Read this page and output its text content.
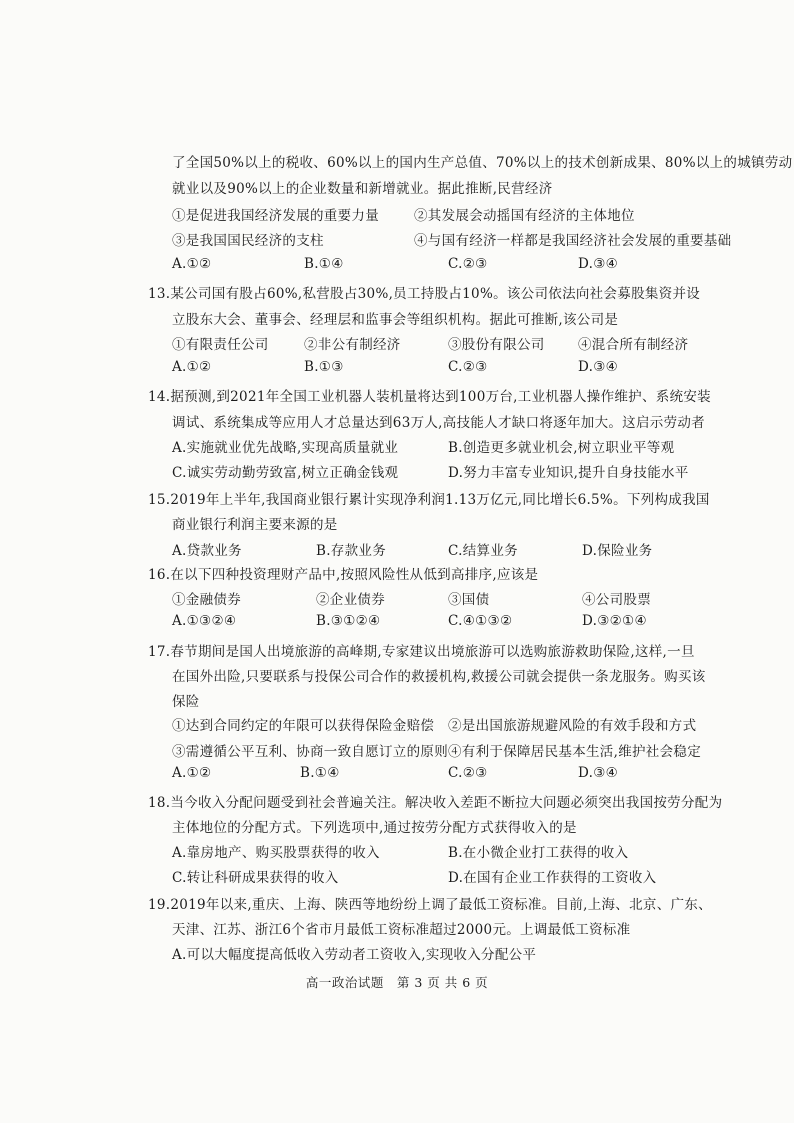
了全国50%以上的税收、60%以上的国内生产总值、70%以上的技术创新成果、80%以上的城镇劳动
就业以及90%以上的企业数量和新增就业。据此推断,民营经济
①是促进我国经济发展的重要力量	②其发展会动摇国有经济的主体地位
③是我国国民经济的支柱	④与国有经济一样都是我国经济社会发展的重要基础
A.①②	B.①④	C.②③	D.③④
13.某公司国有股占60%,私营股占30%,员工持股占10%。该公司依法向社会募股集资并设
立股东大会、董事会、经理层和监事会等组织机构。据此可推断,该公司是
①有限责任公司	②非公有制经济	③股份有限公司 ④混合所有制经济
A.①②	B.①③	C.②③	D.③④
14.据预测,到2021年全国工业机器人装机量将达到100万台,工业机器人操作维护、系统安装
调试、系统集成等应用人才总量达到63万人,高技能人才缺口将逐年加大。这启示劳动者
A.实施就业优先战略,实现高质量就业	B.创造更多就业机会,树立职业平等观
C.诚实劳动勤劳致富,树立正确金钱观	D.努力丰富专业知识,提升自身技能水平
15.2019年上半年,我国商业银行累计实现净利润1.13万亿元,同比增长6.5%。下列构成我国
商业银行利润主要来源的是
A.贷款业务	B.存款业务	C.结算业务	D.保险业务
16.在以下四种投资理财产品中,按照风险性从低到高排序,应该是
①金融债券	②企业债券	③国债	④公司股票
A.①③②④	B.③①②④	C.④①③②	D.③②①④
17.春节期间是国人出境旅游的高峰期,专家建议出境旅游可以选购旅游救助保险,这样,一旦
在国外出险,只要联系与投保公司合作的救援机构,救援公司就会提供一条龙服务。购买该
保险
①达到合同约定的年限可以获得保险金赔偿 ②是出国旅游规避风险的有效手段和方式
③需遵循公平互利、协商一致自愿订立的原则 ④有利于保障居民基本生活,维护社会稳定
A.①②	B.①④	C.②③	D.③④
18.当今收入分配问题受到社会普遍关注。解决收入差距不断拉大问题必须突出我国按劳分配为
主体地位的分配方式。下列选项中,通过按劳分配方式获得收入的是
A.靠房地产、购买股票获得的收入	B.在小微企业打工获得的收入
C.转让科研成果获得的收入	D.在国有企业工作获得的工资收入
19.2019年以来,重庆、上海、陕西等地纷纷上调了最低工资标准。目前,上海、北京、广东、
天津、江苏、浙江6个省市月最低工资标准超过2000元。上调最低工资标准
A.可以大幅度提高低收入劳动者工资收入,实现收入分配公平
高一政治试题　第 3 页 共 6 页
